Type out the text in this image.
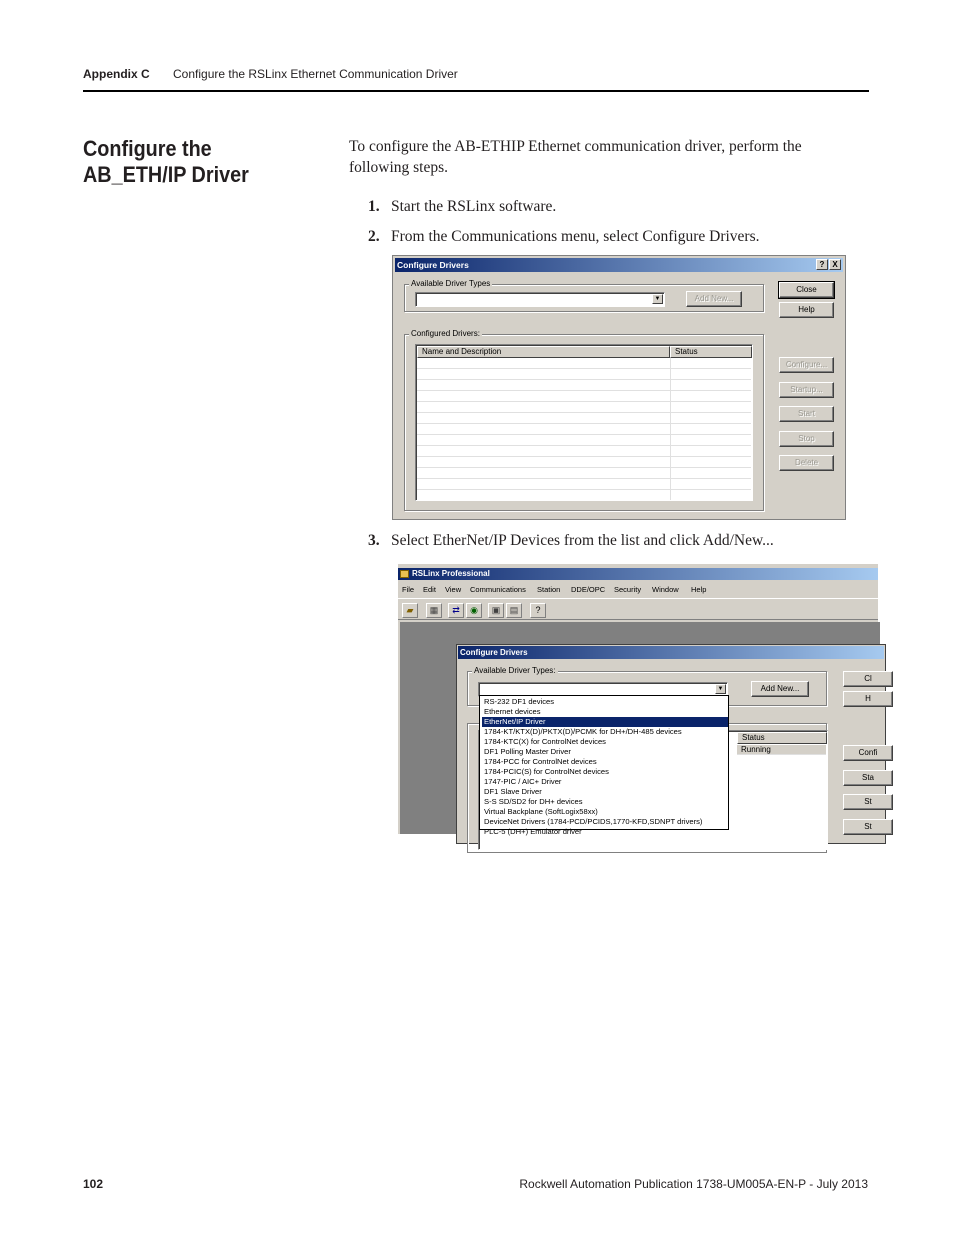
Appendix C Configure the RSLinx Ethernet Communication Driver
Configure the AB_ETH/IP Driver

To configure the AB-ETHIP Ethernet communication driver, perform the following steps.

1. Start the RSLinx software.
2. From the Communications menu, select Configure Drivers.
Configure Drivers	? X
Available Driver Types
▼	Add New...
Close
Help
Configured Drivers:
Name and Description	Status
Configure...
Startup...
Start
Stop
Delete
3. Select EtherNet/IP Devices from the list and click Add/New...
RSLinx Professional
File Edit View Communications Station DDE/OPC Security Window Help
▰	▦	⇄	◉	▣	▤	?
Configure Drivers
Available Driver Types:
▼	Add New...
Status
Running
Cl
H
Confi
Sta
St
St
RS-232 DF1 devices
Ethernet devices
EtherNet/IP Driver
1784-KT/KTX(D)/PKTX(D)/PCMK for DH+/DH-485 devices
1784-KTC(X) for ControlNet devices
DF1 Polling Master Driver
1784-PCC for ControlNet devices
1784-PCIC(S) for ControlNet devices
1747-PIC / AIC+ Driver
DF1 Slave Driver
S-S SD/SD2 for DH+ devices
Virtual Backplane (SoftLogix58xx)
DeviceNet Drivers (1784-PCD/PCIDS,1770-KFD,SDNPT drivers)
PLC-5 (DH+) Emulator driver
102	Rockwell Automation Publication 1738-UM005A-EN-P - July 2013
